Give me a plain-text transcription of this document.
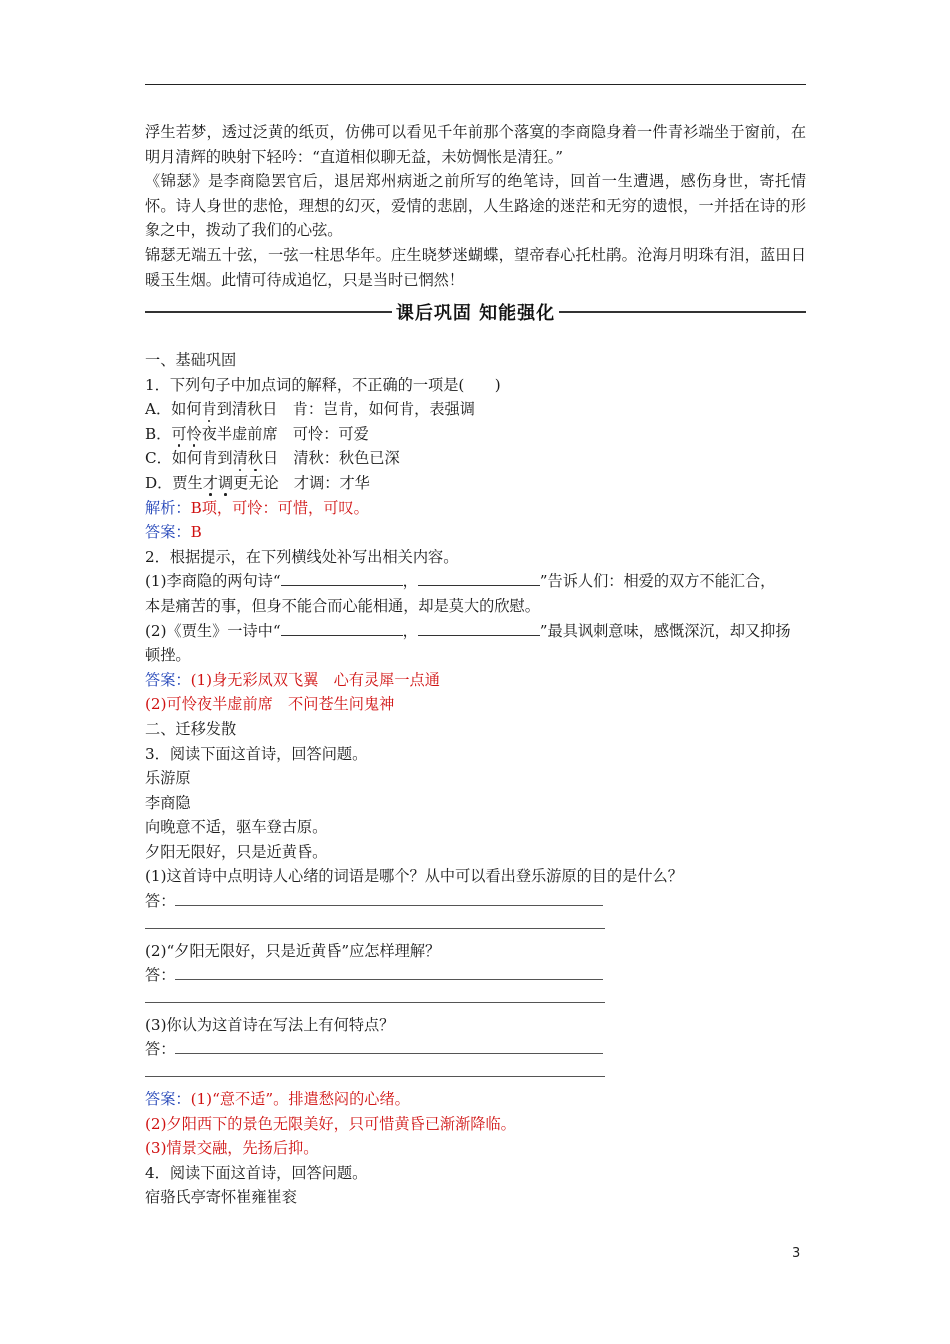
浮生若梦，透过泛黄的纸页，仿佛可以看见千年前那个落寞的李商隐身着一件青衫端坐于窗前，在明月清辉的映射下轻吟：“直道相似聊无益，未妨惆怅是清狂。”

《锦瑟》是李商隐罢官后，退居郑州病逝之前所写的绝笔诗，回首一生遭遇，感伤身世，寄托情怀。诗人身世的悲怆，理想的幻灭，爱情的悲剧，人生路途的迷茫和无穷的遗恨，一并括在诗的形象之中，拨动了我们的心弦。

锦瑟无端五十弦，一弦一柱思华年。庄生晓梦迷蝴蝶，望帝春心托杜鹃。沧海月明珠有泪，蓝田日暖玉生烟。此情可待成追忆，只是当时已惘然！

课后巩固 知能强化
一、基础巩固
1．下列句子中加点词的解释，不正确的一项是(　　)
A．如何肯到清秋日　肯：岂肯，如何肯，表强调
B．可怜夜半虚前席　可怜：可爱
C．如何肯到清秋日　清秋：秋色已深
D．贾生才调更无论　才调：才华
解析：B项，可怜：可惜，可叹。
答案：B
2．根据提示，在下列横线处补写出相关内容。
(1)李商隐的两句诗“	，	”告诉人们：相爱的双方不能汇合，
本是痛苦的事，但身不能合而心能相通，却是莫大的欣慰。
(2)《贾生》一诗中“	，	”最具讽刺意味，感慨深沉，却又抑扬
顿挫。
答案：(1)身无彩凤双飞翼　心有灵犀一点通
(2)可怜夜半虚前席　不问苍生问鬼神
二、迁移发散
3．阅读下面这首诗，回答问题。
乐游原
李商隐
向晚意不适，驱车登古原。
夕阳无限好，只是近黄昏。
(1)这首诗中点明诗人心绪的词语是哪个？从中可以看出登乐游原的目的是什么？
答：
(2)“夕阳无限好，只是近黄昏”应怎样理解？
答：
(3)你认为这首诗在写法上有何特点？
答：
答案：(1)“意不适”。排遣愁闷的心绪。
(2)夕阳西下的景色无限美好，只可惜黄昏已渐渐降临。
(3)情景交融，先扬后抑。
4．阅读下面这首诗，回答问题。
宿骆氏亭寄怀崔雍崔衮
3
